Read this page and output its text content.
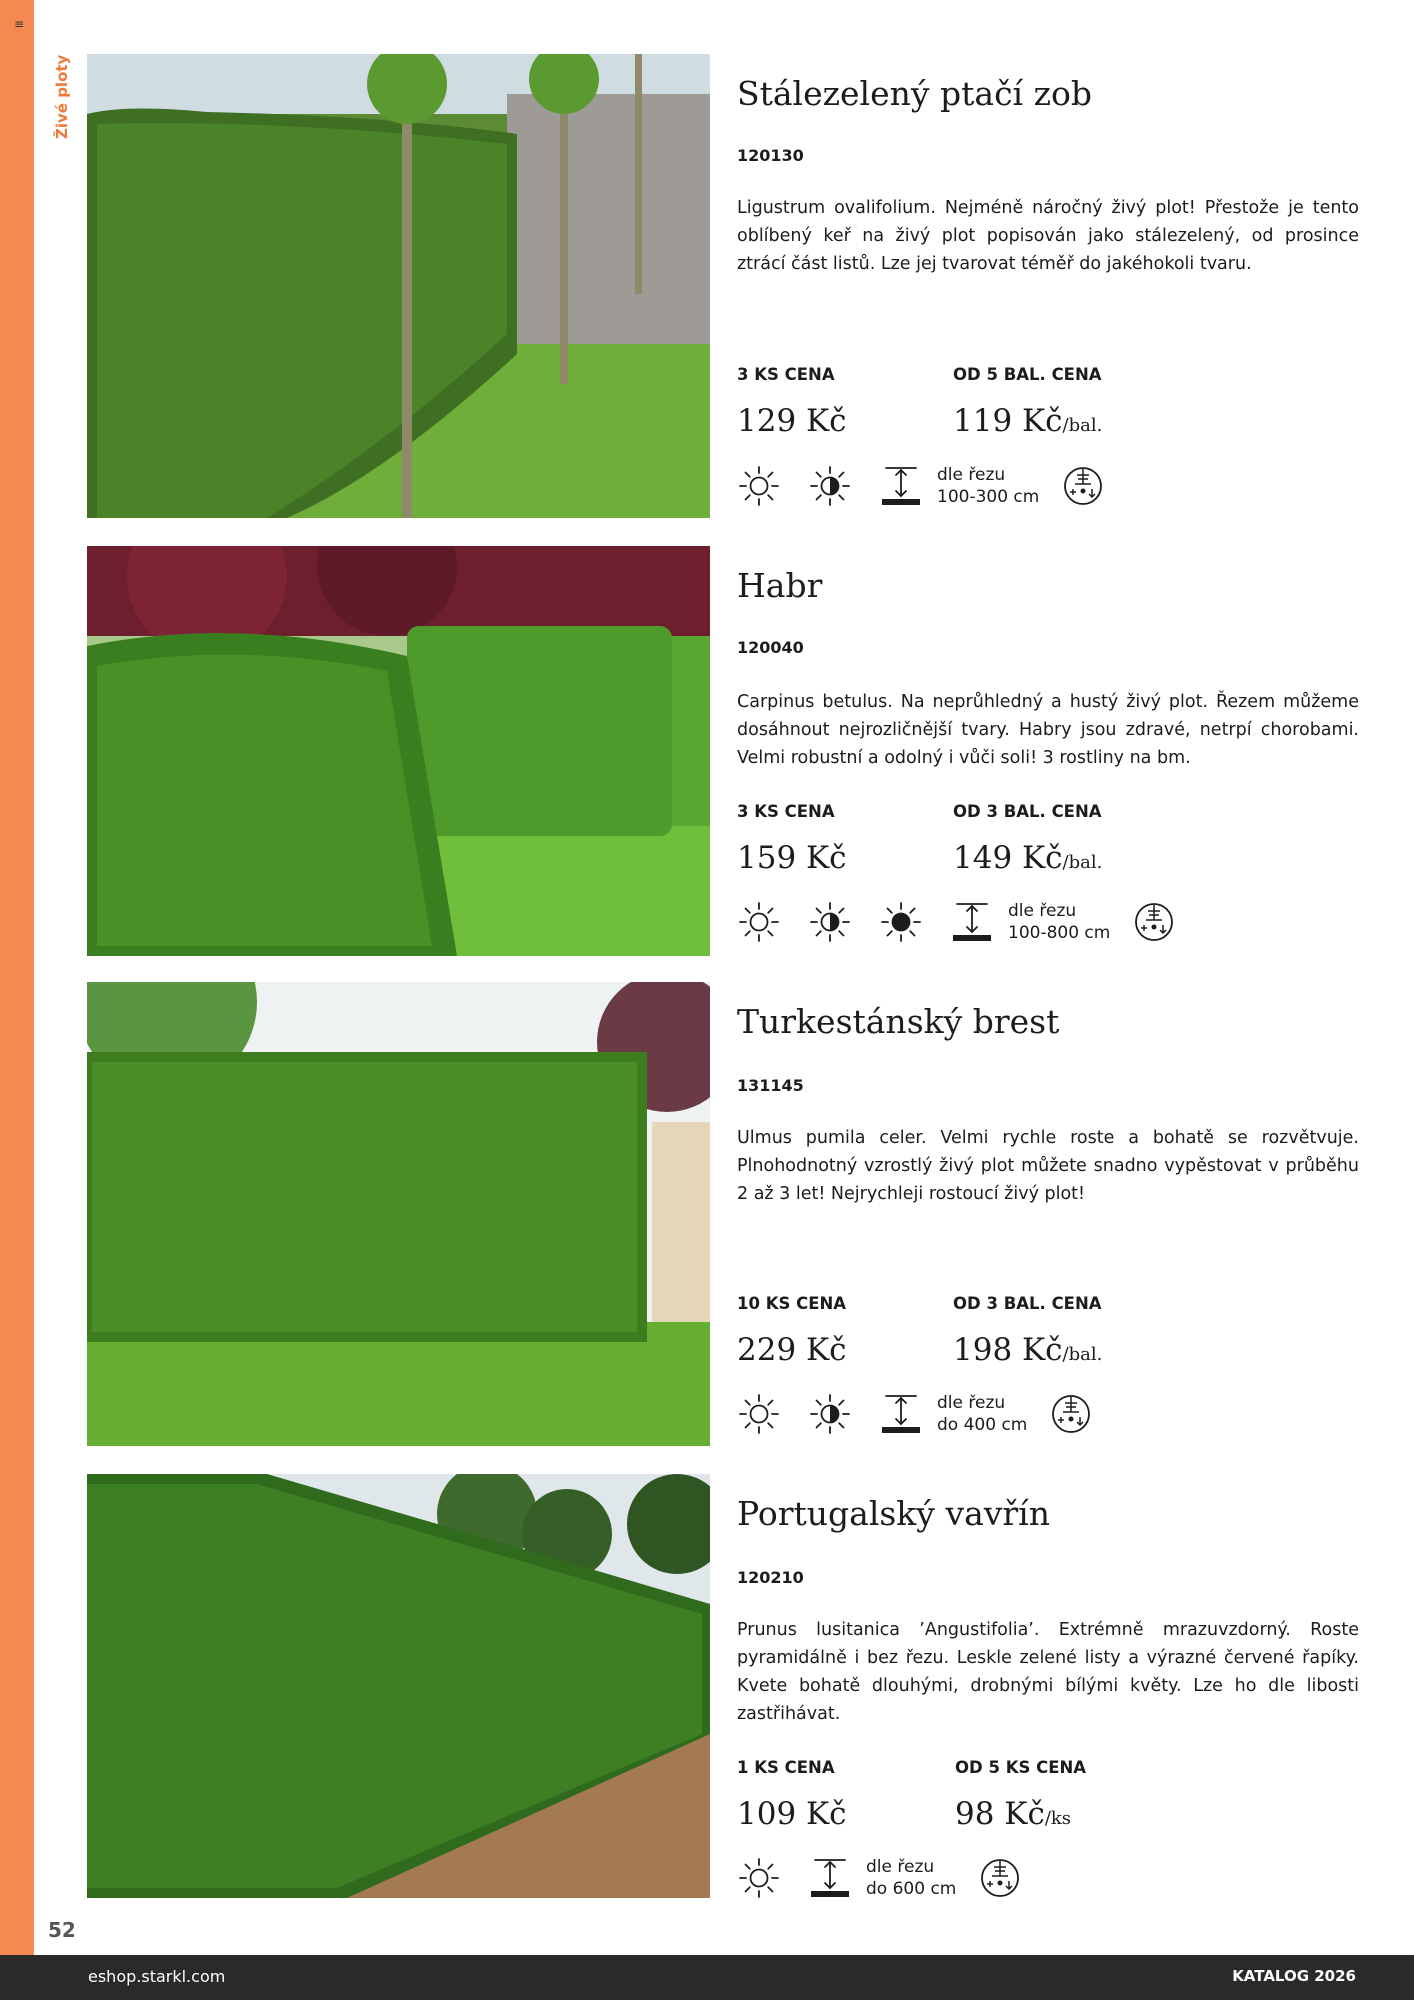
≡
Živé ploty	Stálezelený ptačí zob
120130

Ligustrum ovalifolium. Nejméně náročný živý plot! Přestože je tento oblíbený keř na živý plot popisován jako stálezelený, od prosince ztrácí část listů. Lze jej tvarovat téměř do jakéhokoli tvaru.

3 KS CENA
129 Kč
OD 5 BAL. CENA
119 Kč/bal.
dle řezu
100-300 cm
Habr
120040

Carpinus betulus. Na neprůhledný a hustý živý plot. Řezem můžeme dosáhnout nejrozličnější tvary. Habry jsou zdravé, netrpí chorobami. Velmi robustní a odolný i vůči soli! 3 rostliny na bm.

3 KS CENA
159 Kč
OD 3 BAL. CENA
149 Kč/bal.
dle řezu
100-800 cm
Turkestánský brest
131145

Ulmus pumila celer. Velmi rychle roste a bohatě se rozvětvuje. Plnohodnotný vzrostlý živý plot můžete snadno vypěstovat v průběhu 2 až 3 let! Nejrychleji rostoucí živý plot!

10 KS CENA
229 Kč
OD 3 BAL. CENA
198 Kč/bal.
dle řezu
do 400 cm
Portugalský vavřín
120210

Prunus lusitanica ’Angustifolia’. Extrémně mrazuvzdorný. Roste pyramidálně i bez řezu. Leskle zelené listy a výrazné červené řapíky. Kvete bohatě dlouhými, drobnými bílými květy. Lze ho dle libosti zastřihávat.

1 KS CENA
109 Kč
OD 5 KS CENA
98 Kč/ks
dle řezu
do 600 cm
52
eshop.starkl.com	KATALOG 2026
